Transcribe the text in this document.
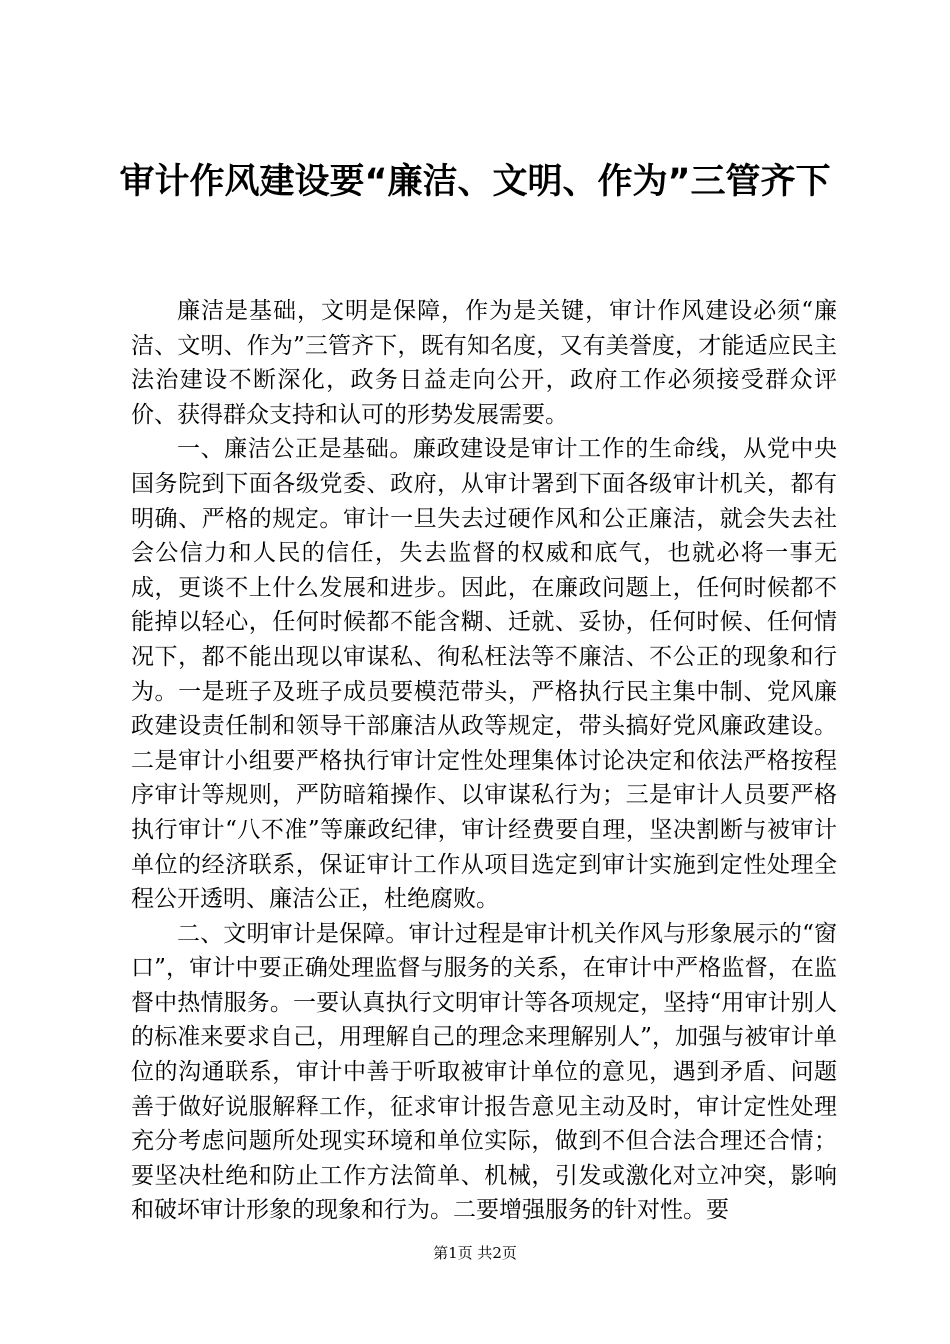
审计作风建设要“廉洁、文明、作为”三管齐下

廉洁是基础，文明是保障，作为是关键，审计作风建设必须“廉洁、文明、作为”三管齐下，既有知名度，又有美誉度，才能适应民主法治建设不断深化，政务日益走向公开，政府工作必须接受群众评价、获得群众支持和认可的形势发展需要。

一、廉洁公正是基础。廉政建设是审计工作的生命线，从党中央国务院到下面各级党委、政府，从审计署到下面各级审计机关，都有明确、严格的规定。审计一旦失去过硬作风和公正廉洁，就会失去社会公信力和人民的信任，失去监督的权威和底气，也就必将一事无成，更谈不上什么发展和进步。因此，在廉政问题上，任何时候都不能掉以轻心，任何时候都不能含糊、迁就、妥协，任何时候、任何情况下，都不能出现以审谋私、徇私枉法等不廉洁、不公正的现象和行为。一是班子及班子成员要模范带头，严格执行民主集中制、党风廉政建设责任制和领导干部廉洁从政等规定，带头搞好党风廉政建设。二是审计小组要严格执行审计定性处理集体讨论决定和依法严格按程序审计等规则，严防暗箱操作、以审谋私行为；三是审计人员要严格执行审计“八不准”等廉政纪律，审计经费要自理，坚决割断与被审计单位的经济联系，保证审计工作从项目选定到审计实施到定性处理全程公开透明、廉洁公正，杜绝腐败。

二、文明审计是保障。审计过程是审计机关作风与形象展示的“窗口”，审计中要正确处理监督与服务的关系，在审计中严格监督，在监督中热情服务。一要认真执行文明审计等各项规定，坚持“用审计别人的标准来要求自己，用理解自己的理念来理解别人”，加强与被审计单位的沟通联系，审计中善于听取被审计单位的意见，遇到矛盾、问题善于做好说服解释工作，征求审计报告意见主动及时，审计定性处理充分考虑问题所处现实环境和单位实际，做到不但合法合理还合情；要坚决杜绝和防止工作方法简单、机械，引发或激化对立冲突，影响和破坏审计形象的现象和行为。二要增强服务的针对性。要

第1页 共2页
